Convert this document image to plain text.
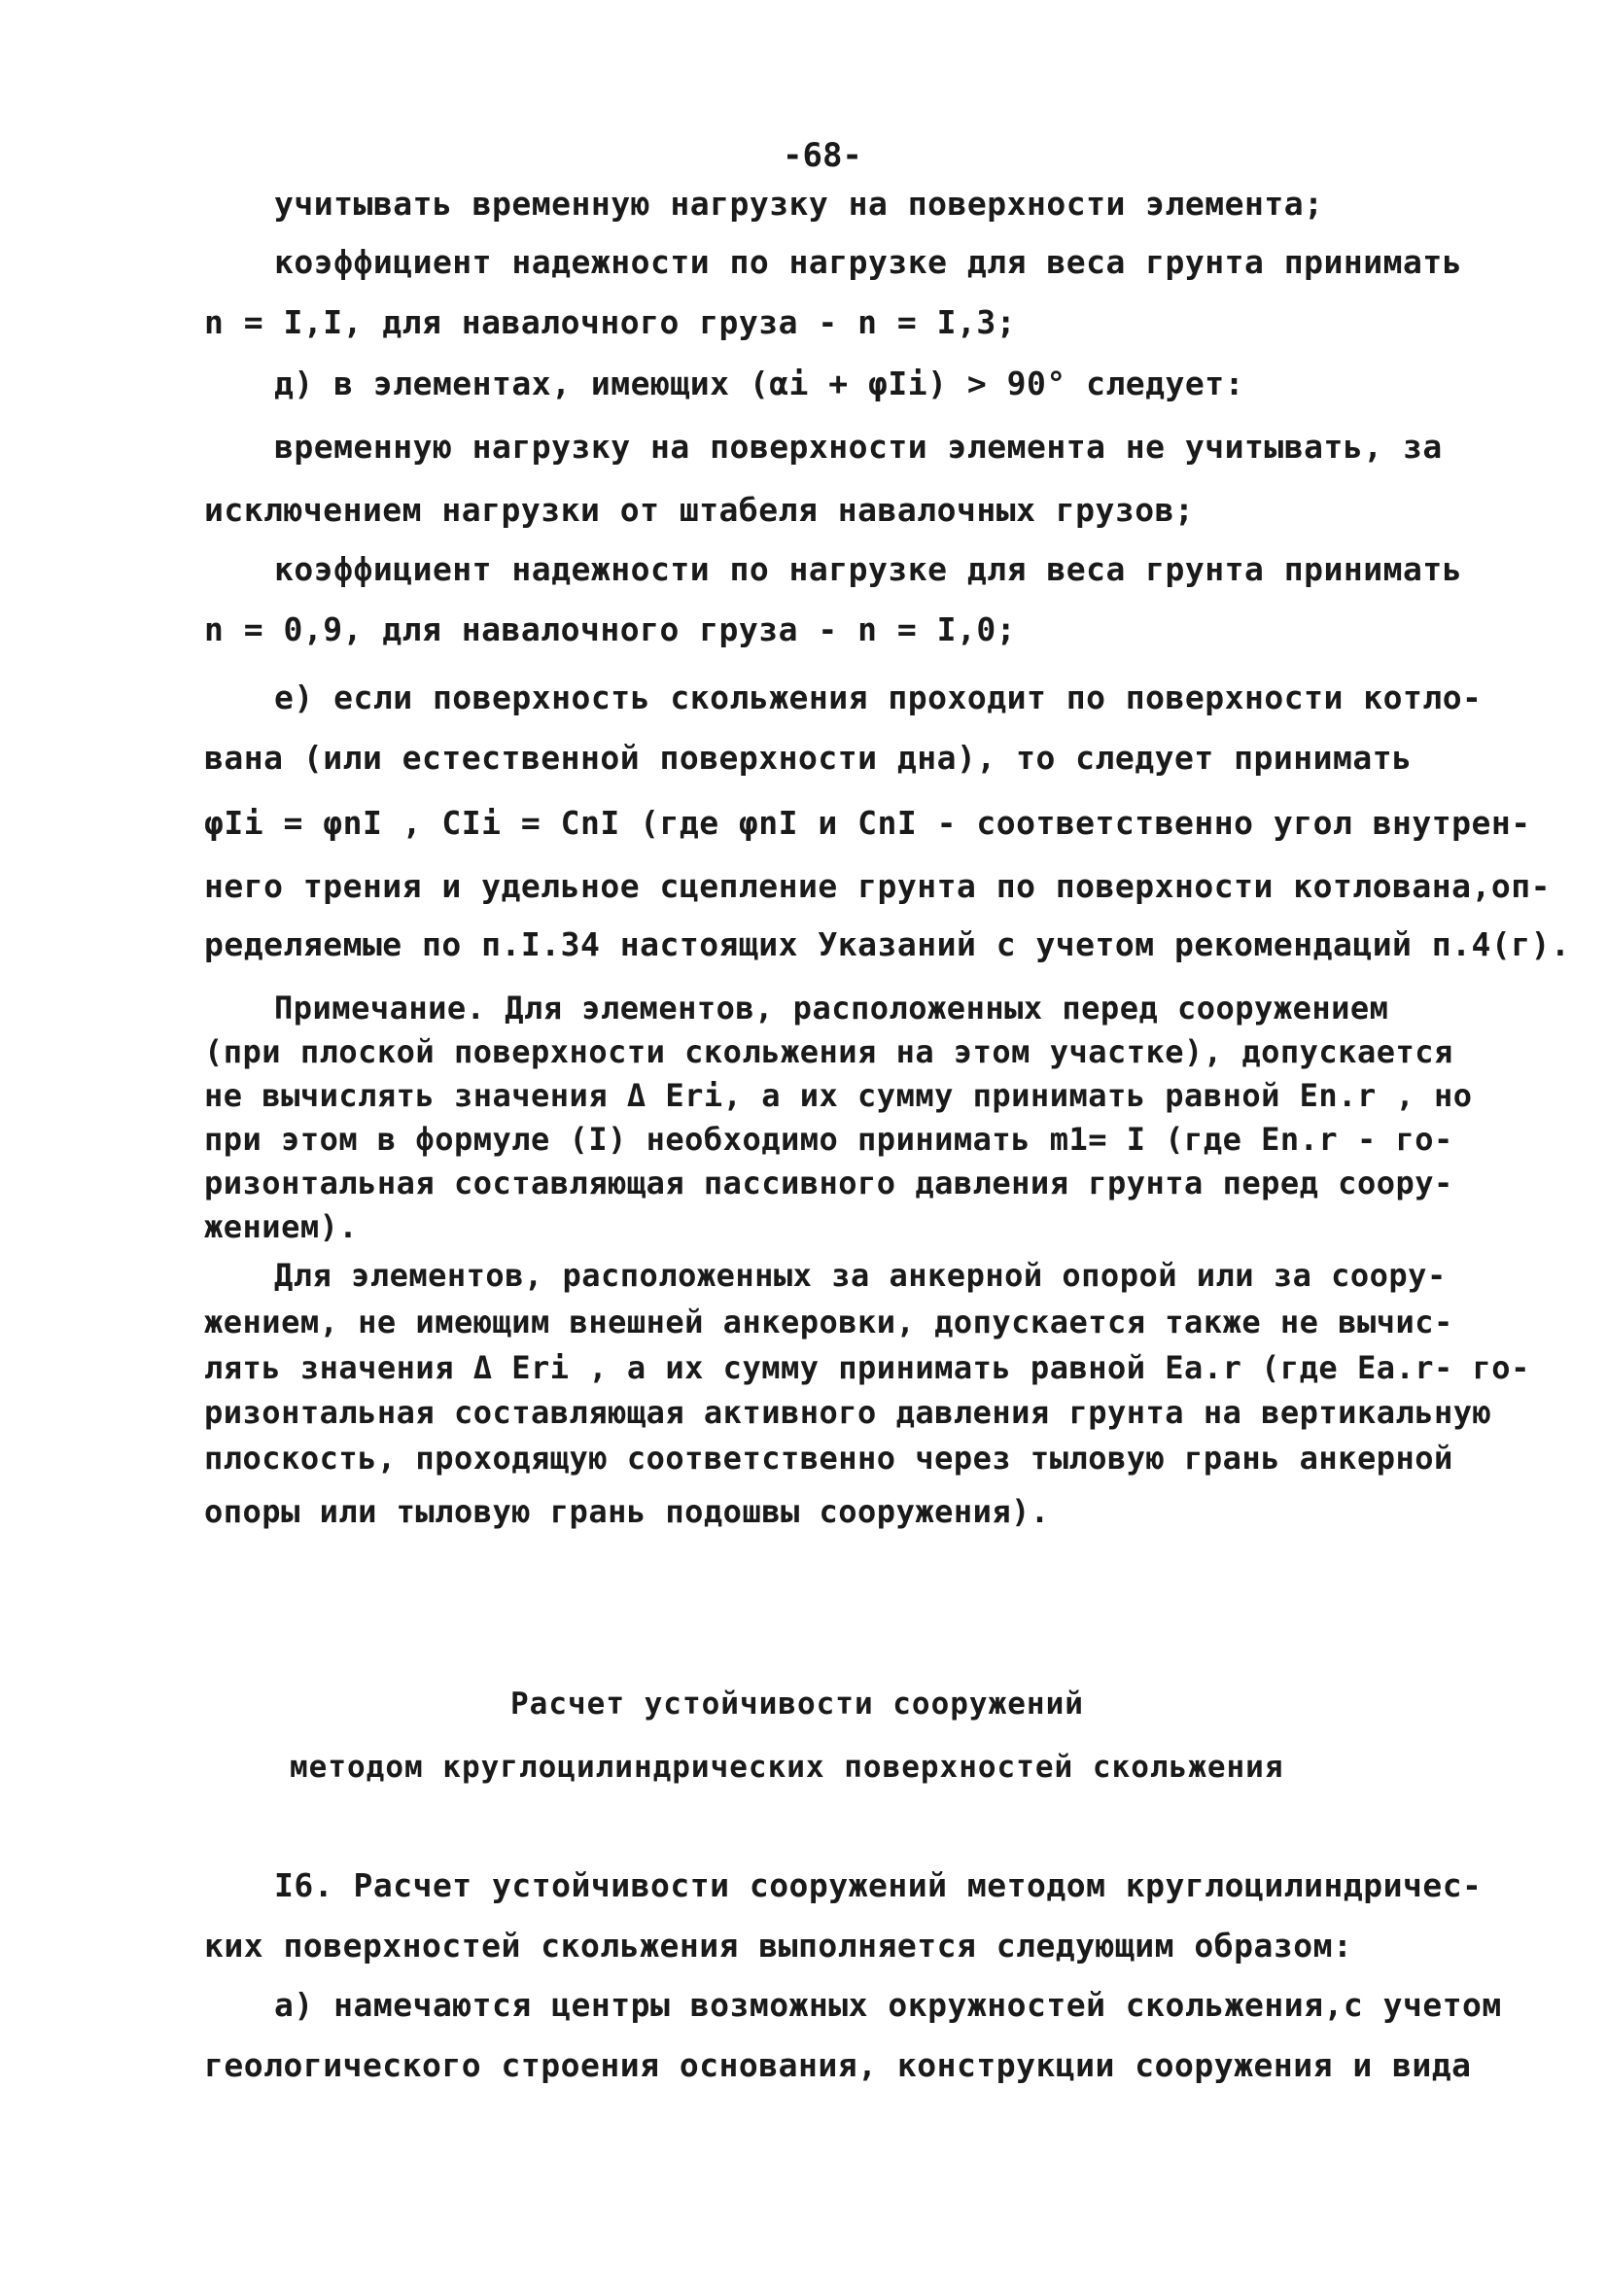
-68-
учитывать временную нагрузку на поверхности элемента;
коэффициент надежности по нагрузке для веса грунта принимать
n = I,I, для навалочного груза - n = I,3;
д) в элементах, имеющих (αi + φIi) > 90° следует:
временную нагрузку на поверхности элемента не учитывать, за
исключением нагрузки от штабеля навалочных грузов;
коэффициент надежности по нагрузке для веса грунта принимать
n = 0,9, для навалочного груза - n = I,0;
е) если поверхность скольжения проходит по поверхности котло-
вана (или естественной поверхности дна), то следует принимать
φIi = φnI , CIi = CnI (где φnI и CnI - соответственно угол внутрен-
него трения и удельное сцепление грунта по поверхности котлована,оп-
ределяемые по п.I.34 настоящих Указаний с учетом рекомендаций п.4(г).
Примечание. Для элементов, расположенных перед сооружением
(при плоской поверхности скольжения на этом участке), допускается
не вычислять значения Δ Eri, а их сумму принимать равной En.r , но
при этом в формуле (I) необходимо принимать m1= I (где En.r - го-
ризонтальная составляющая пассивного давления грунта перед соору-
жением).
Для элементов, расположенных за анкерной опорой или за соору-
жением, не имеющим внешней анкеровки, допускается также не вычис-
лять значения Δ Eri , а их сумму принимать равной Ea.r (где Ea.r- го-
ризонтальная составляющая активного давления грунта на вертикальную
плоскость, проходящую соответственно через тыловую грань анкерной
опоры или тыловую грань подошвы сооружения).
Расчет устойчивости сооружений
методом круглоцилиндрических поверхностей скольжения
I6. Расчет устойчивости сооружений методом круглоцилиндричес-
ких поверхностей скольжения выполняется следующим образом:
а) намечаются центры возможных окружностей скольжения,с учетом
геологического строения основания, конструкции сооружения и вида
